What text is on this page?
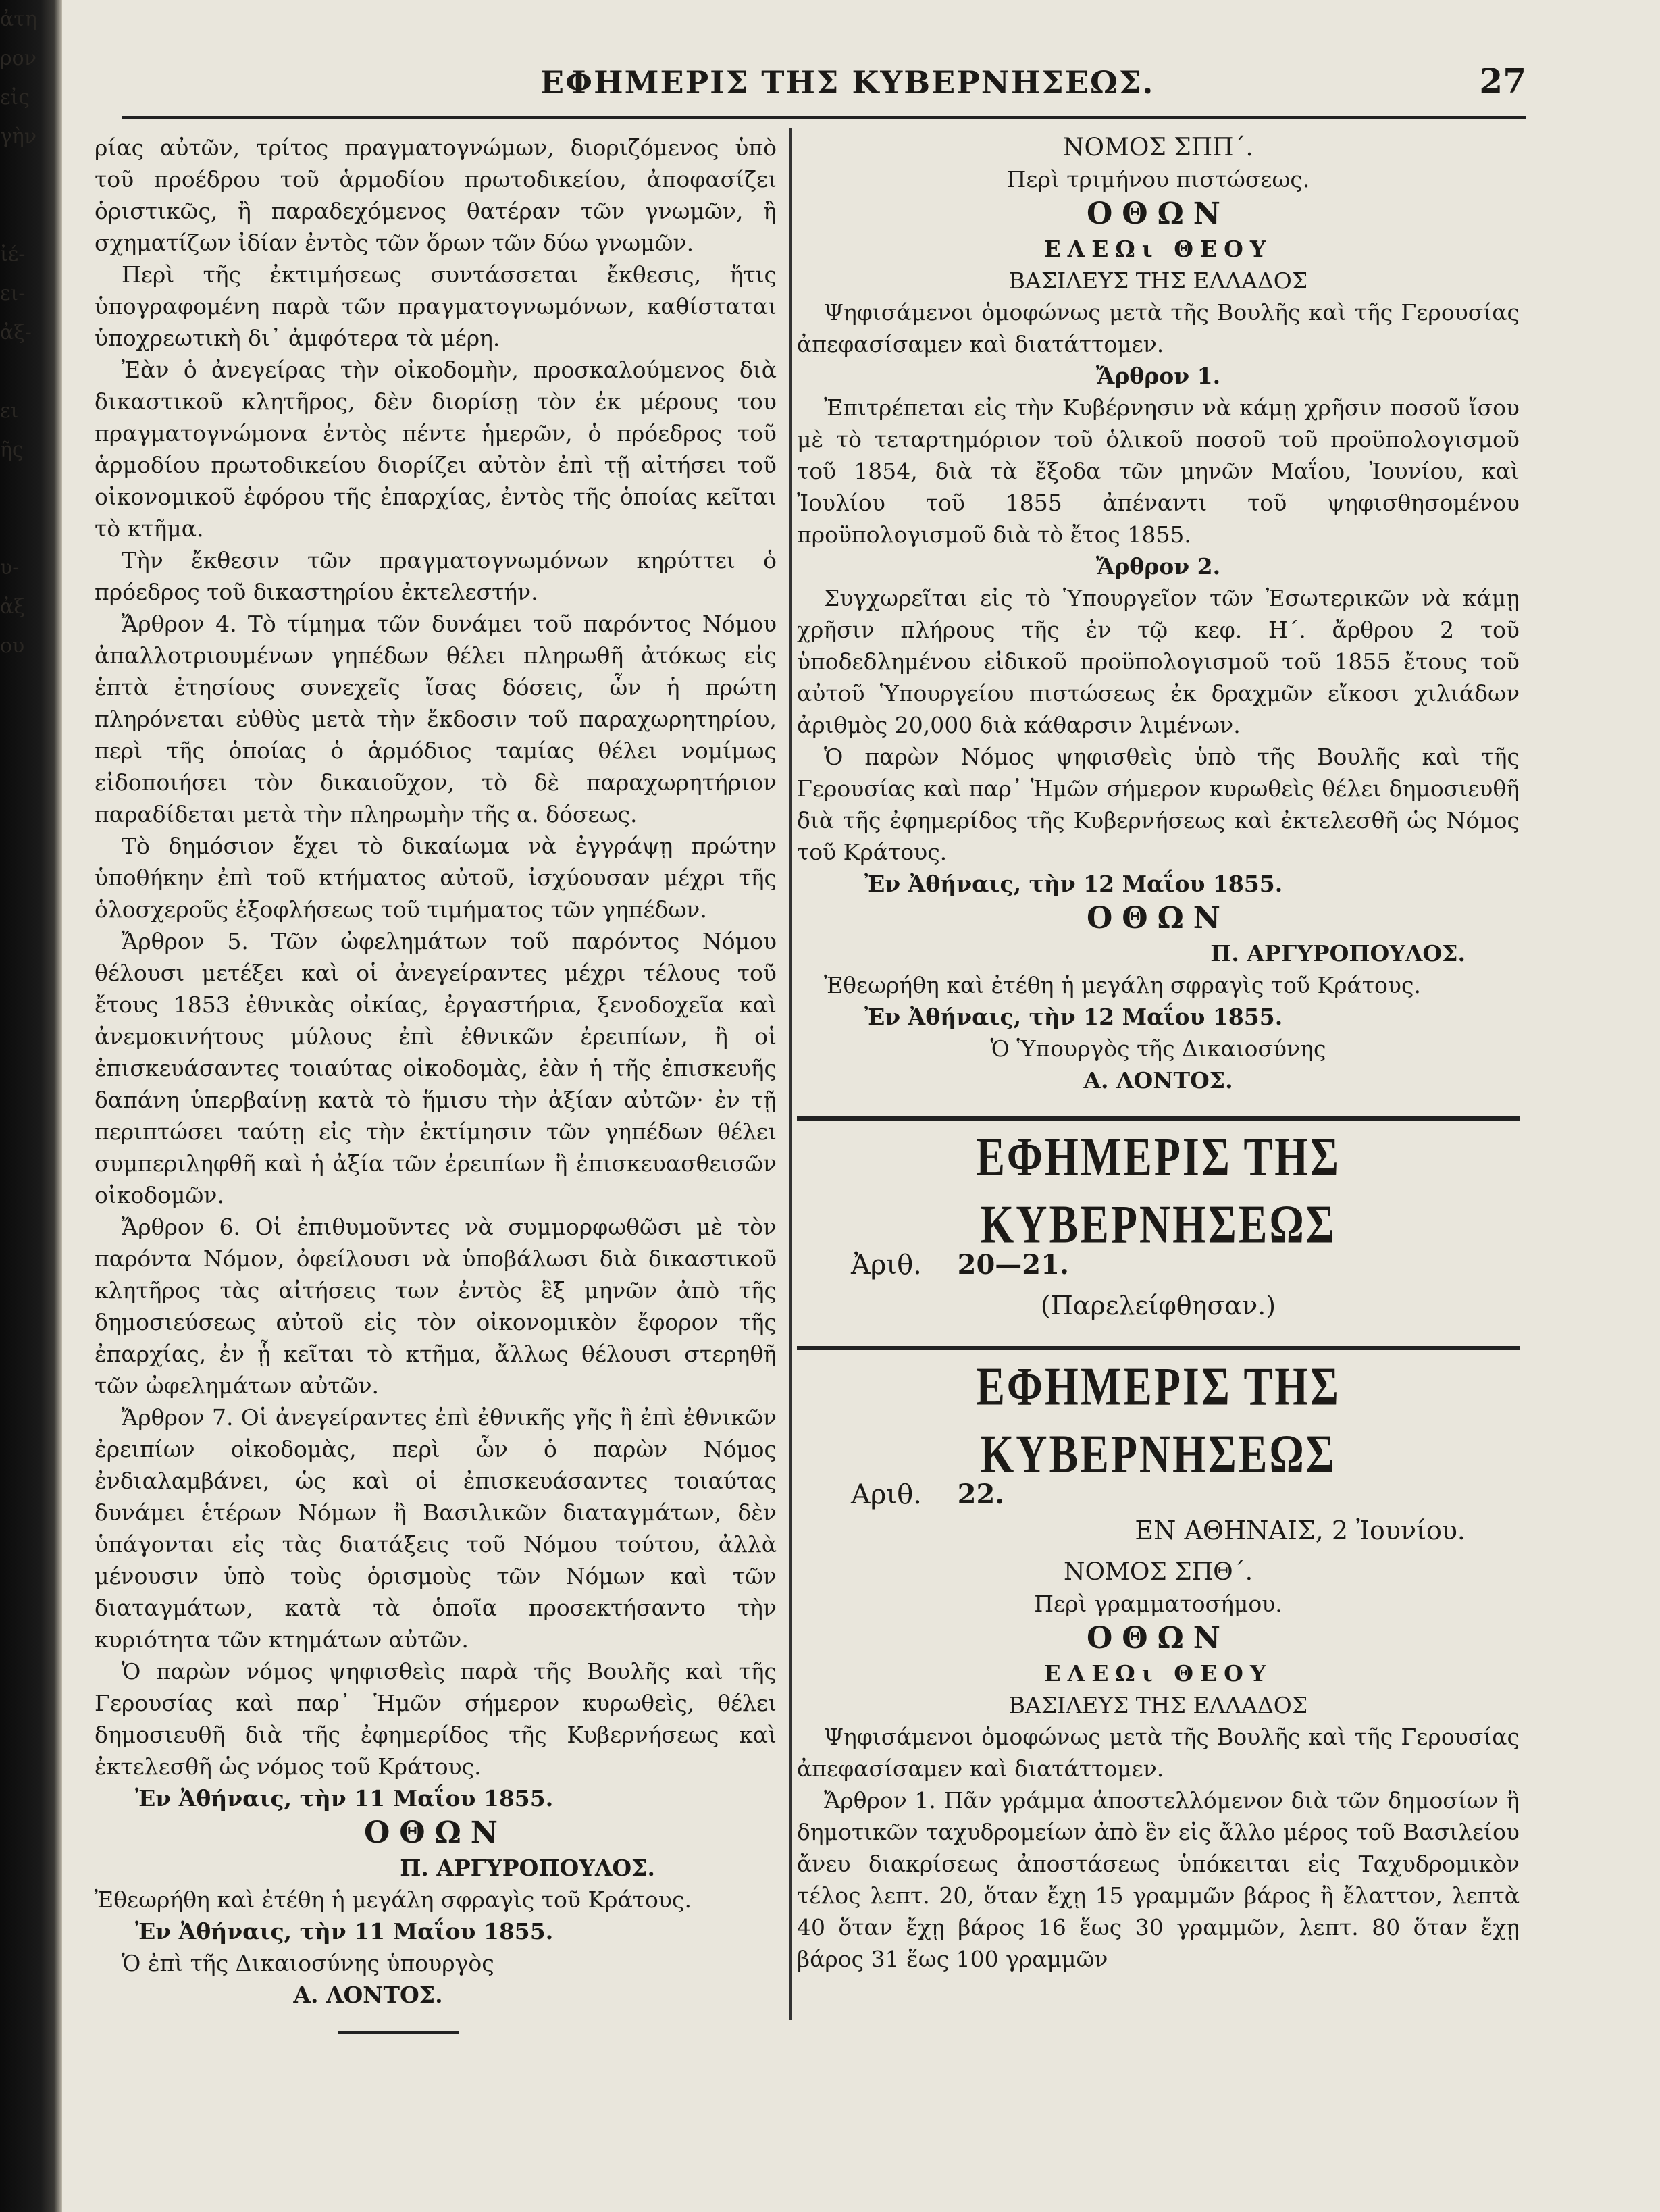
ἀτη
ρον
εἰς
γὴν
ἰέ-
ει-
ἀξ-
ει
ῆς
υ-
ἀξ
ου
ΕΦΗΜΕΡΙΣ ΤΗΣ ΚΥΒΕΡΝΗΣΕΩΣ.	27

ρίας αὐτῶν, τρίτος πραγματογνώμων, διοριζόμενος ὑπὸ τοῦ προέδρου τοῦ ἁρμοδίου πρωτοδικείου, ἀποφασίζει ὁριστικῶς, ἢ παραδεχόμενος θατέραν τῶν γνωμῶν, ἢ σχηματίζων ἰδίαν ἐντὸς τῶν ὅρων τῶν δύω γνωμῶν.

Περὶ τῆς ἐκτιμήσεως συντάσσεται ἔκθεσις, ἥτις ὑπογραφομένη παρὰ τῶν πραγματογνωμόνων, καθίσταται ὑποχρεωτικὴ δι᾽ ἀμφότερα τὰ μέρη.

Ἐὰν ὁ ἀνεγείρας τὴν οἰκοδομὴν, προσκαλούμενος διὰ δικαστικοῦ κλητῆρος, δὲν διορίσῃ τὸν ἐκ μέρους του πραγματογνώμονα ἐντὸς πέντε ἡμερῶν, ὁ πρόεδρος τοῦ ἁρμοδίου πρωτοδικείου διορίζει αὐτὸν ἐπὶ τῇ αἰτήσει τοῦ οἰκονομικοῦ ἐφόρου τῆς ἐπαρχίας, ἐντὸς τῆς ὁποίας κεῖται τὸ κτῆμα.

Τὴν ἔκθεσιν τῶν πραγματογνωμόνων κηρύττει ὁ πρόεδρος τοῦ δικαστηρίου ἐκτελεστήν.

Ἄρθρον 4. Τὸ τίμημα τῶν δυνάμει τοῦ παρόντος Νόμου ἀπαλλοτριουμένων γηπέδων θέλει πληρωθῆ ἀτόκως εἰς ἑπτὰ ἐτησίους συνεχεῖς ἴσας δόσεις, ὧν ἡ πρώτη πληρόνεται εὐθὺς μετὰ τὴν ἔκδοσιν τοῦ παραχωρητηρίου, περὶ τῆς ὁποίας ὁ ἁρμόδιος ταμίας θέλει νομίμως εἰδοποιήσει τὸν δικαιοῦχον, τὸ δὲ παραχωρητήριον παραδίδεται μετὰ τὴν πληρωμὴν τῆς α. δόσεως.

Τὸ δημόσιον ἔχει τὸ δικαίωμα νὰ ἐγγράψῃ πρώτην ὑποθήκην ἐπὶ τοῦ κτήματος αὐτοῦ, ἰσχύουσαν μέχρι τῆς ὁλοσχεροῦς ἐξοφλήσεως τοῦ τιμήματος τῶν γηπέδων.

Ἄρθρον 5. Τῶν ὠφελημάτων τοῦ παρόντος Νόμου θέλουσι μετέξει καὶ οἱ ἀνεγείραντες μέχρι τέλους τοῦ ἔτους 1853 ἐθνικὰς οἰκίας, ἐργαστήρια, ξενοδοχεῖα καὶ ἀνεμοκινήτους μύλους ἐπὶ ἐθνικῶν ἐρειπίων, ἢ οἱ ἐπισκευάσαντες τοιαύτας οἰκοδομὰς, ἐὰν ἡ τῆς ἐπισκευῆς δαπάνη ὑπερβαίνῃ κατὰ τὸ ἥμισυ τὴν ἀξίαν αὐτῶν· ἐν τῇ περιπτώσει ταύτῃ εἰς τὴν ἐκτίμησιν τῶν γηπέδων θέλει συμπεριληφθῆ καὶ ἡ ἀξία τῶν ἐρειπίων ἢ ἐπισκευασθεισῶν οἰκοδομῶν.

Ἄρθρον 6. Οἱ ἐπιθυμοῦντες νὰ συμμορφωθῶσι μὲ τὸν παρόντα Νόμον, ὀφείλουσι νὰ ὑποβάλωσι διὰ δικαστικοῦ κλητῆρος τὰς αἰτήσεις των ἐντὸς ἓξ μηνῶν ἀπὸ τῆς δημοσιεύσεως αὐτοῦ εἰς τὸν οἰκονομικὸν ἔφορον τῆς ἐπαρχίας, ἐν ᾗ κεῖται τὸ κτῆμα, ἄλλως θέλουσι στερηθῆ τῶν ὠφελημάτων αὐτῶν.

Ἄρθρον 7. Οἱ ἀνεγείραντες ἐπὶ ἐθνικῆς γῆς ἢ ἐπὶ ἐθνικῶν ἐρειπίων οἰκοδομὰς, περὶ ὧν ὁ παρὼν Νόμος ἐνδιαλαμβάνει, ὡς καὶ οἱ ἐπισκευάσαντες τοιαύτας δυνάμει ἑτέρων Νόμων ἢ Βασιλικῶν διαταγμάτων, δὲν ὑπάγονται εἰς τὰς διατάξεις τοῦ Νόμου τούτου, ἀλλὰ μένουσιν ὑπὸ τοὺς ὁρισμοὺς τῶν Νόμων καὶ τῶν διαταγμάτων, κατὰ τὰ ὁποῖα προσεκτήσαντο τὴν κυριότητα τῶν κτημάτων αὐτῶν.

Ὁ παρὼν νόμος ψηφισθεὶς παρὰ τῆς Βουλῆς καὶ τῆς Γερουσίας καὶ παρ᾽ Ἡμῶν σήμερον κυρωθεὶς, θέλει δημοσιευθῆ διὰ τῆς ἐφημερίδος τῆς Κυβερνήσεως καὶ ἐκτελεσθῆ ὡς νόμος τοῦ Κράτους.

Ἐν Ἀθήναις, τὴν 11 Μαΐου 1855.

ΟΘΩΝ

Π. ΑΡΓΥΡΟΠΟΥΛΟΣ.

Ἐθεωρήθη καὶ ἐτέθη ἡ μεγάλη σφραγὶς τοῦ Κράτους.

Ἐν Ἀθήναις, τὴν 11 Μαΐου 1855.

Ὁ ἐπὶ τῆς Δικαιοσύνης ὑπουργὸς

Α. ΛΟΝΤΟΣ.

ΝΟΜΟΣ ΣΠΠ΄.

Περὶ τριμήνου πιστώσεως.

ΟΘΩΝ

ΕΛΕΩι ΘΕΟΥ

ΒΑΣΙΛΕΥΣ ΤΗΣ ΕΛΛΑΔΟΣ

Ψηφισάμενοι ὁμοφώνως μετὰ τῆς Βουλῆς καὶ τῆς Γερουσίας ἀπεφασίσαμεν καὶ διατάττομεν.

Ἄρθρον 1.

Ἐπιτρέπεται εἰς τὴν Κυβέρνησιν νὰ κάμῃ χρῆσιν ποσοῦ ἴσου μὲ τὸ τεταρτημόριον τοῦ ὁλικοῦ ποσοῦ τοῦ προϋπολογισμοῦ τοῦ 1854, διὰ τὰ ἔξοδα τῶν μηνῶν Μαΐου, Ἰουνίου, καὶ Ἰουλίου τοῦ 1855 ἀπέναντι τοῦ ψηφισθησομένου προϋπολογισμοῦ διὰ τὸ ἔτος 1855.

Ἄρθρον 2.

Συγχωρεῖται εἰς τὸ Ὑπουργεῖον τῶν Ἐσωτερικῶν νὰ κάμῃ χρῆσιν πλήρους τῆς ἐν τῷ κεφ. Η΄. ἄρθρου 2 τοῦ ὑποδεδλημένου εἰδικοῦ προϋπολογισμοῦ τοῦ 1855 ἔτους τοῦ αὐτοῦ Ὑπουργείου πιστώσεως ἐκ δραχμῶν εἴκοσι χιλιάδων ἀριθμὸς 20,000 διὰ κάθαρσιν λιμένων.

Ὁ παρὼν Νόμος ψηφισθεὶς ὑπὸ τῆς Βουλῆς καὶ τῆς Γερουσίας καὶ παρ᾽ Ἡμῶν σήμερον κυρωθεὶς θέλει δημοσιευθῆ διὰ τῆς ἐφημερίδος τῆς Κυβερνήσεως καὶ ἐκτελεσθῆ ὡς Νόμος τοῦ Κράτους.

Ἐν Ἀθήναις, τὴν 12 Μαΐου 1855.

ΟΘΩΝ

Π. ΑΡΓΥΡΟΠΟΥΛΟΣ.

Ἐθεωρήθη καὶ ἐτέθη ἡ μεγάλη σφραγὶς τοῦ Κράτους.

Ἐν Ἀθήναις, τὴν 12 Μαΐου 1855.

Ὁ Ὑπουργὸς τῆς Δικαιοσύνης

Α. ΛΟΝΤΟΣ.

ΕΦΗΜΕΡΙΣ ΤΗΣ ΚΥΒΕΡΝΗΣΕΩΣ

Ἀριθ. 20—21.

(Παρελείφθησαν.)

ΕΦΗΜΕΡΙΣ ΤΗΣ ΚΥΒΕΡΝΗΣΕΩΣ

Αριθ. 22.

ΕΝ ΑΘΗΝΑΙΣ, 2 Ἰουνίου.

ΝΟΜΟΣ ΣΠΘ΄.

Περὶ γραμματοσήμου.

ΟΘΩΝ

ΕΛΕΩι ΘΕΟΥ

ΒΑΣΙΛΕΥΣ ΤΗΣ ΕΛΛΑΔΟΣ

Ψηφισάμενοι ὁμοφώνως μετὰ τῆς Βουλῆς καὶ τῆς Γερουσίας ἀπεφασίσαμεν καὶ διατάττομεν.

Ἄρθρον 1. Πᾶν γράμμα ἀποστελλόμενον διὰ τῶν δημοσίων ἢ δημοτικῶν ταχυδρομείων ἀπὸ ἓν εἰς ἄλλο μέρος τοῦ Βασιλείου ἄνευ διακρίσεως ἀποστάσεως ὑπόκειται εἰς Ταχυδρομικὸν τέλος λεπτ. 20, ὅταν ἔχῃ 15 γραμμῶν βάρος ἢ ἔλαττον, λεπτὰ 40 ὅταν ἔχῃ βάρος 16 ἕως 30 γραμμῶν, λεπτ. 80 ὅταν ἔχῃ βάρος 31 ἕως 100 γραμμῶν
